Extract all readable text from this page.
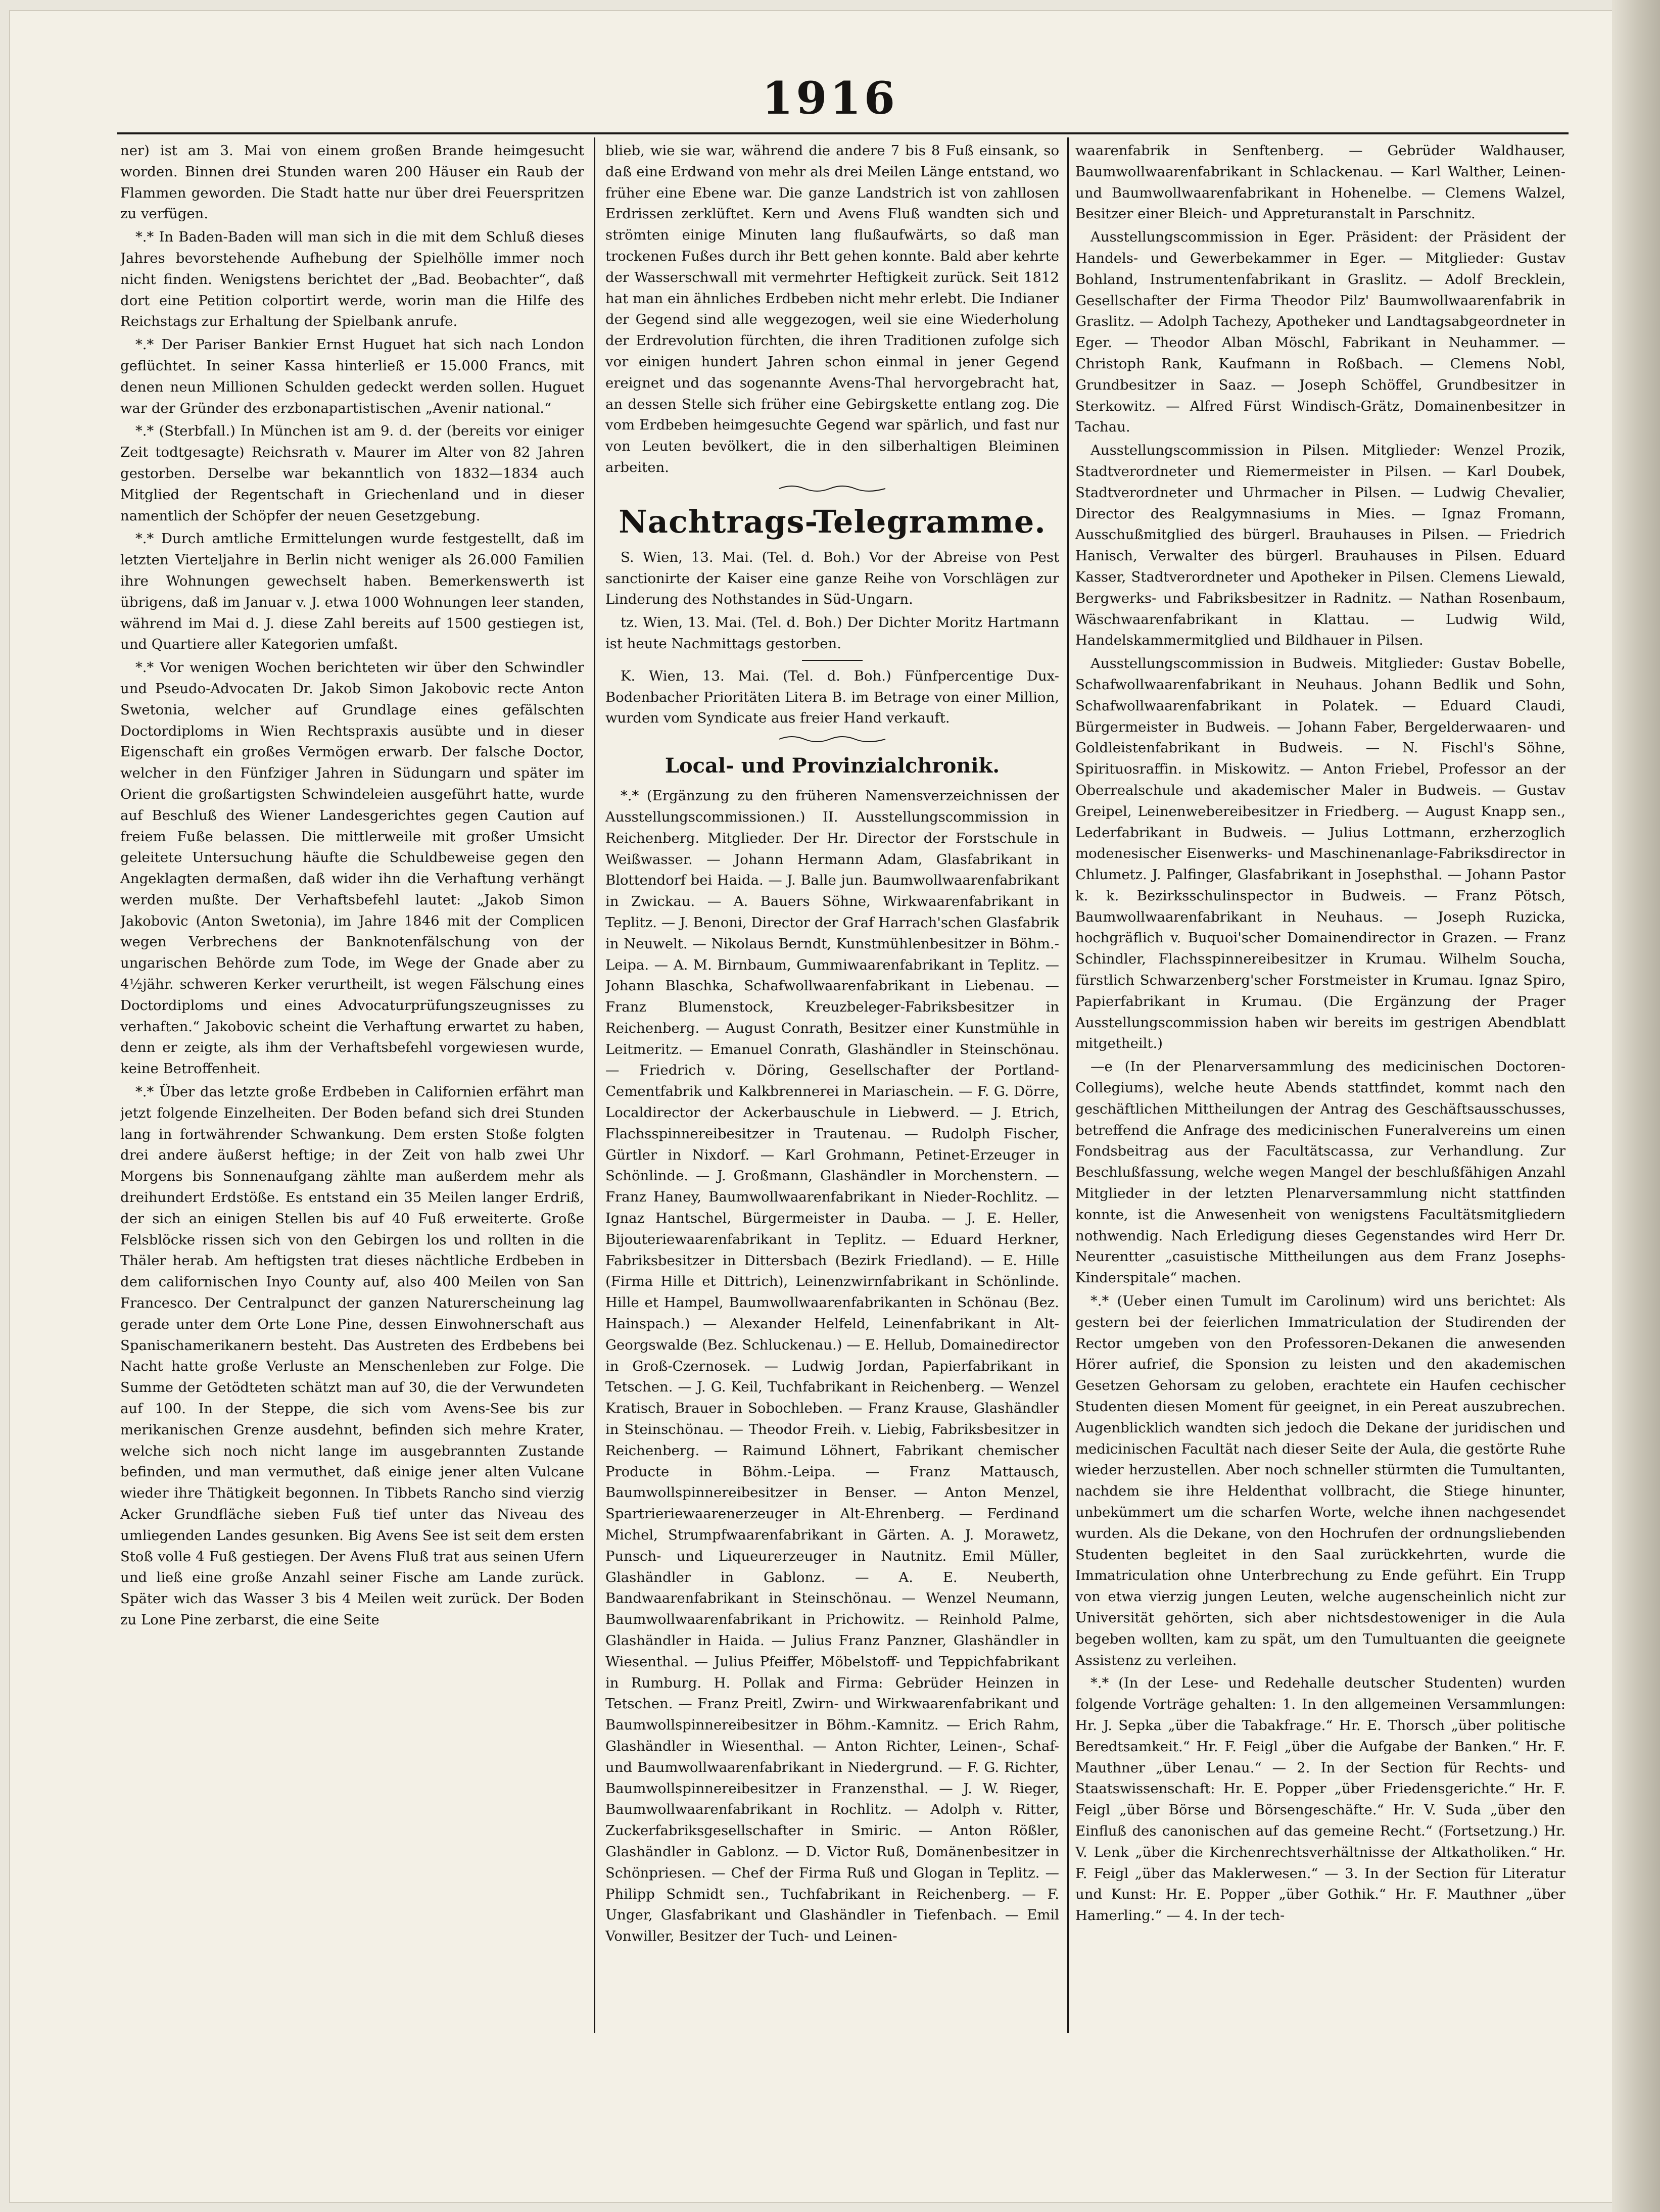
1916

ner) ist am 3. Mai von einem großen Brande heimgesucht worden. Binnen drei Stunden waren 200 Häuser ein Raub der Flammen geworden. Die Stadt hatte nur über drei Feuerspritzen zu verfügen.

*.* In Baden-Baden will man sich in die mit dem Schluß dieses Jahres bevorstehende Aufhebung der Spielhölle immer noch nicht finden. Wenigstens berichtet der „Bad. Beobachter“, daß dort eine Petition colportirt werde, worin man die Hilfe des Reichstags zur Erhaltung der Spielbank anrufe.

*.* Der Pariser Bankier Ernst Huguet hat sich nach London geflüchtet. In seiner Kassa hinterließ er 15.000 Francs, mit denen neun Millionen Schulden gedeckt werden sollen. Huguet war der Gründer des erzbonapartistischen „Avenir national.“

*.* (Sterbfall.) In München ist am 9. d. der (bereits vor einiger Zeit todtgesagte) Reichsrath v. Maurer im Alter von 82 Jahren gestorben. Derselbe war bekanntlich von 1832—1834 auch Mitglied der Regentschaft in Griechenland und in dieser namentlich der Schöpfer der neuen Gesetzgebung.

*.* Durch amtliche Ermittelungen wurde festgestellt, daß im letzten Vierteljahre in Berlin nicht weniger als 26.000 Familien ihre Wohnungen gewechselt haben. Bemerkenswerth ist übrigens, daß im Januar v. J. etwa 1000 Wohnungen leer standen, während im Mai d. J. diese Zahl bereits auf 1500 gestiegen ist, und Quartiere aller Kategorien umfaßt.

*.* Vor wenigen Wochen berichteten wir über den Schwindler und Pseudo-Advocaten Dr. Jakob Simon Jakobovic recte Anton Swetonia, welcher auf Grundlage eines gefälschten Doctordiploms in Wien Rechtspraxis ausübte und in dieser Eigenschaft ein großes Vermögen erwarb. Der falsche Doctor, welcher in den Fünfziger Jahren in Südungarn und später im Orient die großartigsten Schwindeleien ausgeführt hatte, wurde auf Beschluß des Wiener Landesgerichtes gegen Caution auf freiem Fuße belassen. Die mittlerweile mit großer Umsicht geleitete Untersuchung häufte die Schuldbeweise gegen den Angeklagten dermaßen, daß wider ihn die Verhaftung verhängt werden mußte. Der Verhaftsbefehl lautet: „Jakob Simon Jakobovic (Anton Swetonia), im Jahre 1846 mit der Complicen wegen Verbrechens der Banknotenfälschung von der ungarischen Behörde zum Tode, im Wege der Gnade aber zu 4½jähr. schweren Kerker verurtheilt, ist wegen Fälschung eines Doctordiploms und eines Advocaturprüfungszeugnisses zu verhaften.“ Jakobovic scheint die Verhaftung erwartet zu haben, denn er zeigte, als ihm der Verhaftsbefehl vorgewiesen wurde, keine Betroffenheit.

*.* Über das letzte große Erdbeben in Californien erfährt man jetzt folgende Einzelheiten. Der Boden befand sich drei Stunden lang in fortwährender Schwankung. Dem ersten Stoße folgten drei andere äußerst heftige; in der Zeit von halb zwei Uhr Morgens bis Sonnenaufgang zählte man außerdem mehr als dreihundert Erdstöße. Es entstand ein 35 Meilen langer Erdriß, der sich an einigen Stellen bis auf 40 Fuß erweiterte. Große Felsblöcke rissen sich von den Gebirgen los und rollten in die Thäler herab. Am heftigsten trat dieses nächtliche Erdbeben in dem californischen Inyo County auf, also 400 Meilen von San Francesco. Der Centralpunct der ganzen Naturerscheinung lag gerade unter dem Orte Lone Pine, dessen Einwohnerschaft aus Spanischamerikanern besteht. Das Austreten des Erdbebens bei Nacht hatte große Verluste an Menschenleben zur Folge. Die Summe der Getödteten schätzt man auf 30, die der Verwundeten auf 100. In der Steppe, die sich vom Avens-See bis zur merikanischen Grenze ausdehnt, befinden sich mehre Krater, welche sich noch nicht lange im ausgebrannten Zustande befinden, und man vermuthet, daß einige jener alten Vulcane wieder ihre Thätigkeit begonnen. In Tibbets Rancho sind vierzig Acker Grundfläche sieben Fuß tief unter das Niveau des umliegenden Landes gesunken. Big Avens See ist seit dem ersten Stoß volle 4 Fuß gestiegen. Der Avens Fluß trat aus seinen Ufern und ließ eine große Anzahl seiner Fische am Lande zurück. Später wich das Wasser 3 bis 4 Meilen weit zurück. Der Boden zu Lone Pine zerbarst, die eine Seite

blieb, wie sie war, während die andere 7 bis 8 Fuß einsank, so daß eine Erdwand von mehr als drei Meilen Länge entstand, wo früher eine Ebene war. Die ganze Landstrich ist von zahllosen Erdrissen zerklüftet. Kern und Avens Fluß wandten sich und strömten einige Minuten lang flußaufwärts, so daß man trockenen Fußes durch ihr Bett gehen konnte. Bald aber kehrte der Wasserschwall mit vermehrter Heftigkeit zurück. Seit 1812 hat man ein ähnliches Erdbeben nicht mehr erlebt. Die Indianer der Gegend sind alle weggezogen, weil sie eine Wiederholung der Erdrevolution fürchten, die ihren Traditionen zufolge sich vor einigen hundert Jahren schon einmal in jener Gegend ereignet und das sogenannte Avens-Thal hervorgebracht hat, an dessen Stelle sich früher eine Gebirgskette entlang zog. Die vom Erdbeben heimgesuchte Gegend war spärlich, und fast nur von Leuten bevölkert, die in den silberhaltigen Bleiminen arbeiten.

Nachtrags-Telegramme.

S. Wien, 13. Mai. (Tel. d. Boh.) Vor der Abreise von Pest sanctionirte der Kaiser eine ganze Reihe von Vorschlägen zur Linderung des Nothstandes in Süd-Ungarn.

tz. Wien, 13. Mai. (Tel. d. Boh.) Der Dichter Moritz Hartmann ist heute Nachmittags gestorben.

K. Wien, 13. Mai. (Tel. d. Boh.) Fünfpercentige Dux-Bodenbacher Prioritäten Litera B. im Betrage von einer Million, wurden vom Syndicate aus freier Hand verkauft.

Local- und Provinzialchronik.

*.* (Ergänzung zu den früheren Namensverzeichnissen der Ausstellungscommissionen.) II. Ausstellungscommission in Reichenberg. Mitglieder. Der Hr. Director der Forstschule in Weißwasser. — Johann Hermann Adam, Glasfabrikant in Blottendorf bei Haida. — J. Balle jun. Baumwollwaarenfabrikant in Zwickau. — A. Bauers Söhne, Wirkwaarenfabrikant in Teplitz. — J. Benoni, Director der Graf Harrach'schen Glasfabrik in Neuwelt. — Nikolaus Berndt, Kunstmühlenbesitzer in Böhm.-Leipa. — A. M. Birnbaum, Gummiwaarenfabrikant in Teplitz. — Johann Blaschka, Schafwollwaarenfabrikant in Liebenau. — Franz Blumenstock, Kreuzbeleger-Fabriksbesitzer in Reichenberg. — August Conrath, Besitzer einer Kunstmühle in Leitmeritz. — Emanuel Conrath, Glashändler in Steinschönau. — Friedrich v. Döring, Gesellschafter der Portland-Cementfabrik und Kalkbrennerei in Mariaschein. — F. G. Dörre, Localdirector der Ackerbauschule in Liebwerd. — J. Etrich, Flachsspinnereibesitzer in Trautenau. — Rudolph Fischer, Gürtler in Nixdorf. — Karl Grohmann, Petinet-Erzeuger in Schönlinde. — J. Großmann, Glashändler in Morchenstern. — Franz Haney, Baumwollwaarenfabrikant in Nieder-Rochlitz. — Ignaz Hantschel, Bürgermeister in Dauba. — J. E. Heller, Bijouteriewaarenfabrikant in Teplitz. — Eduard Herkner, Fabriksbesitzer in Dittersbach (Bezirk Friedland). — E. Hille (Firma Hille et Dittrich), Leinenzwirnfabrikant in Schönlinde. Hille et Hampel, Baumwollwaarenfabrikanten in Schönau (Bez. Hainspach.) — Alexander Helfeld, Leinenfabrikant in Alt-Georgswalde (Bez. Schluckenau.) — E. Hellub, Domainedirector in Groß-Czernosek. — Ludwig Jordan, Papierfabrikant in Tetschen. — J. G. Keil, Tuchfabrikant in Reichenberg. — Wenzel Kratisch, Brauer in Sobochleben. — Franz Krause, Glashändler in Steinschönau. — Theodor Freih. v. Liebig, Fabriksbesitzer in Reichenberg. — Raimund Löhnert, Fabrikant chemischer Producte in Böhm.-Leipa. — Franz Mattausch, Baumwollspinnereibesitzer in Benser. — Anton Menzel, Spartrieriewaarenerzeuger in Alt-Ehrenberg. — Ferdinand Michel, Strumpfwaarenfabrikant in Gärten. A. J. Morawetz, Punsch- und Liqueurerzeuger in Nautnitz. Emil Müller, Glashändler in Gablonz. — A. E. Neuberth, Bandwaarenfabrikant in Steinschönau. — Wenzel Neumann, Baumwollwaarenfabrikant in Prichowitz. — Reinhold Palme, Glashändler in Haida. — Julius Franz Panzner, Glashändler in Wiesenthal. — Julius Pfeiffer, Möbelstoff- und Teppichfabrikant in Rumburg. H. Pollak and Firma: Gebrüder Heinzen in Tetschen. — Franz Preitl, Zwirn- und Wirkwaarenfabrikant und Baumwollspinnereibesitzer in Böhm.-Kamnitz. — Erich Rahm, Glashändler in Wiesenthal. — Anton Richter, Leinen-, Schaf- und Baumwollwaarenfabrikant in Niedergrund. — F. G. Richter, Baumwollspinnereibesitzer in Franzensthal. — J. W. Rieger, Baumwollwaarenfabrikant in Rochlitz. — Adolph v. Ritter, Zuckerfabriksgesellschafter in Smiric. — Anton Rößler, Glashändler in Gablonz. — D. Victor Ruß, Domänenbesitzer in Schönpriesen. — Chef der Firma Ruß und Glogan in Teplitz. — Philipp Schmidt sen., Tuchfabrikant in Reichenberg. — F. Unger, Glasfabrikant und Glashändler in Tiefenbach. — Emil Vonwiller, Besitzer der Tuch- und Leinen-

waarenfabrik in Senftenberg. — Gebrüder Waldhauser, Baumwollwaarenfabrikant in Schlackenau. — Karl Walther, Leinen- und Baumwollwaarenfabrikant in Hohenelbe. — Clemens Walzel, Besitzer einer Bleich- und Appreturanstalt in Parschnitz.

Ausstellungscommission in Eger. Präsident: der Präsident der Handels- und Gewerbekammer in Eger. — Mitglieder: Gustav Bohland, Instrumentenfabrikant in Graslitz. — Adolf Brecklein, Gesellschafter der Firma Theodor Pilz' Baumwollwaarenfabrik in Graslitz. — Adolph Tachezy, Apotheker und Landtagsabgeordneter in Eger. — Theodor Alban Möschl, Fabrikant in Neuhammer. — Christoph Rank, Kaufmann in Roßbach. — Clemens Nobl, Grundbesitzer in Saaz. — Joseph Schöffel, Grundbesitzer in Sterkowitz. — Alfred Fürst Windisch-Grätz, Domainenbesitzer in Tachau.

Ausstellungscommission in Pilsen. Mitglieder: Wenzel Prozik, Stadtverordneter und Riemermeister in Pilsen. — Karl Doubek, Stadtverordneter und Uhrmacher in Pilsen. — Ludwig Chevalier, Director des Realgymnasiums in Mies. — Ignaz Fromann, Ausschußmitglied des bürgerl. Brauhauses in Pilsen. — Friedrich Hanisch, Verwalter des bürgerl. Brauhauses in Pilsen. Eduard Kasser, Stadtverordneter und Apotheker in Pilsen. Clemens Liewald, Bergwerks- und Fabriksbesitzer in Radnitz. — Nathan Rosenbaum, Wäschwaarenfabrikant in Klattau. — Ludwig Wild, Handelskammermitglied und Bildhauer in Pilsen.

Ausstellungscommission in Budweis. Mitglieder: Gustav Bobelle, Schafwollwaarenfabrikant in Neuhaus. Johann Bedlik und Sohn, Schafwollwaarenfabrikant in Polatek. — Eduard Claudi, Bürgermeister in Budweis. — Johann Faber, Bergelderwaaren- und Goldleistenfabrikant in Budweis. — N. Fischl's Söhne, Spirituosraffin. in Miskowitz. — Anton Friebel, Professor an der Oberrealschule und akademischer Maler in Budweis. — Gustav Greipel, Leinenwebereibesitzer in Friedberg. — August Knapp sen., Lederfabrikant in Budweis. — Julius Lottmann, erzherzoglich modenesischer Eisenwerks- und Maschinenanlage-Fabriksdirector in Chlumetz. J. Palfinger, Glasfabrikant in Josephsthal. — Johann Pastor k. k. Bezirksschulinspector in Budweis. — Franz Pötsch, Baumwollwaarenfabrikant in Neuhaus. — Joseph Ruzicka, hochgräflich v. Buquoi'scher Domainendirector in Grazen. — Franz Schindler, Flachsspinnereibesitzer in Krumau. Wilhelm Soucha, fürstlich Schwarzenberg'scher Forstmeister in Krumau. Ignaz Spiro, Papierfabrikant in Krumau. (Die Ergänzung der Prager Ausstellungscommission haben wir bereits im gestrigen Abendblatt mitgetheilt.)

—e (In der Plenarversammlung des medicinischen Doctoren-Collegiums), welche heute Abends stattfindet, kommt nach den geschäftlichen Mittheilungen der Antrag des Geschäftsausschusses, betreffend die Anfrage des medicinischen Funeralvereins um einen Fondsbeitrag aus der Facultätscassa, zur Verhandlung. Zur Beschlußfassung, welche wegen Mangel der beschlußfähigen Anzahl Mitglieder in der letzten Plenarversammlung nicht stattfinden konnte, ist die Anwesenheit von wenigstens Facultätsmitgliedern nothwendig. Nach Erledigung dieses Gegenstandes wird Herr Dr. Neurentter „casuistische Mittheilungen aus dem Franz Josephs-Kinderspitale“ machen.

*.* (Ueber einen Tumult im Carolinum) wird uns berichtet: Als gestern bei der feierlichen Immatriculation der Studirenden der Rector umgeben von den Professoren-Dekanen die anwesenden Hörer aufrief, die Sponsion zu leisten und den akademischen Gesetzen Gehorsam zu geloben, erachtete ein Haufen cechischer Studenten diesen Moment für geeignet, in ein Pereat auszubrechen. Augenblicklich wandten sich jedoch die Dekane der juridischen und medicinischen Facultät nach dieser Seite der Aula, die gestörte Ruhe wieder herzustellen. Aber noch schneller stürmten die Tumultanten, nachdem sie ihre Heldenthat vollbracht, die Stiege hinunter, unbekümmert um die scharfen Worte, welche ihnen nachgesendet wurden. Als die Dekane, von den Hochrufen der ordnungsliebenden Studenten begleitet in den Saal zurückkehrten, wurde die Immatriculation ohne Unterbrechung zu Ende geführt. Ein Trupp von etwa vierzig jungen Leuten, welche augenscheinlich nicht zur Universität gehörten, sich aber nichtsdestoweniger in die Aula begeben wollten, kam zu spät, um den Tumultuanten die geeignete Assistenz zu verleihen.

*.* (In der Lese- und Redehalle deutscher Studenten) wurden folgende Vorträge gehalten: 1. In den allgemeinen Versammlungen: Hr. J. Sepka „über die Tabakfrage.“ Hr. E. Thorsch „über politische Beredtsamkeit.“ Hr. F. Feigl „über die Aufgabe der Banken.“ Hr. F. Mauthner „über Lenau.“ — 2. In der Section für Rechts- und Staatswissenschaft: Hr. E. Popper „über Friedensgerichte.“ Hr. F. Feigl „über Börse und Börsengeschäfte.“ Hr. V. Suda „über den Einfluß des canonischen auf das gemeine Recht.“ (Fortsetzung.) Hr. V. Lenk „über die Kirchenrechtsverhältnisse der Altkatholiken.“ Hr. F. Feigl „über das Maklerwesen.“ — 3. In der Section für Literatur und Kunst: Hr. E. Popper „über Gothik.“ Hr. F. Mauthner „über Hamerling.“ — 4. In der tech-
